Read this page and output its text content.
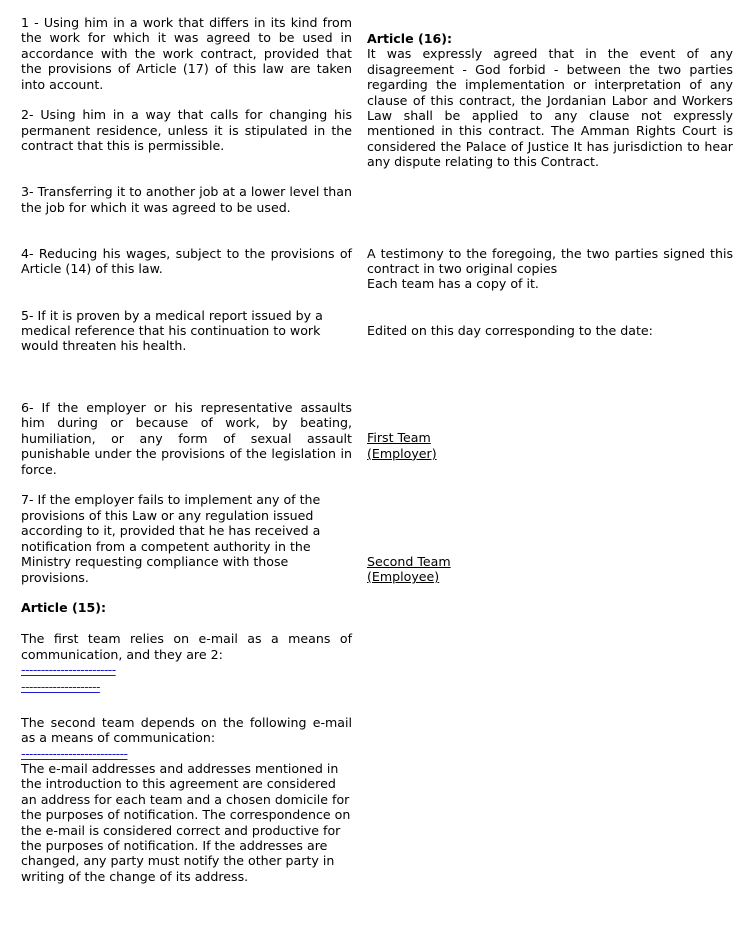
1 - Using him in a work that differs in its kind from the work for which it was agreed to be used in accordance with the work contract, provided that the provisions of Article (17) of this law are taken into account.

2- Using him in a way that calls for changing his permanent residence, unless it is stipulated in the contract that this is permissible.

3- Transferring it to another job at a lower level than the job for which it was agreed to be used.

4- Reducing his wages, subject to the provisions of Article (14) of this law.

5- If it is proven by a medical report issued by a medical reference that his continuation to work would threaten his health.

6- If the employer or his representative assaults him during or because of work, by beating, humiliation, or any form of sexual assault punishable under the provisions of the legislation in force.

7- If the employer fails to implement any of the provisions of this Law or any regulation issued according to it, provided that he has received a notification from a competent authority in the Ministry requesting compliance with those provisions.

Article (15):

The first team relies on e-mail as a means of communication, and they are 2:

------------------------
--------------------

The second team depends on the following e-mail as a means of communication:

---------------------------

The e-mail addresses and addresses mentioned in the introduction to this agreement are considered an address for each team and a chosen domicile for the purposes of notification. The correspondence on the e-mail is considered correct and productive for the purposes of notification. If the addresses are changed, any party must notify the other party in writing of the change of its address.

Article (16):

It was expressly agreed that in the event of any disagreement - God forbid - between the two parties regarding the implementation or interpretation of any clause of this contract, the Jordanian Labor and Workers Law shall be applied to any clause not expressly mentioned in this contract. The Amman Rights Court is considered the Palace of Justice It has jurisdiction to hear any dispute relating to this Contract.

A testimony to the foregoing, the two parties signed this contract in two original copies

Each team has a copy of it.

Edited on this day corresponding to the date:

First Team

(Employer)

Second Team

(Employee)
